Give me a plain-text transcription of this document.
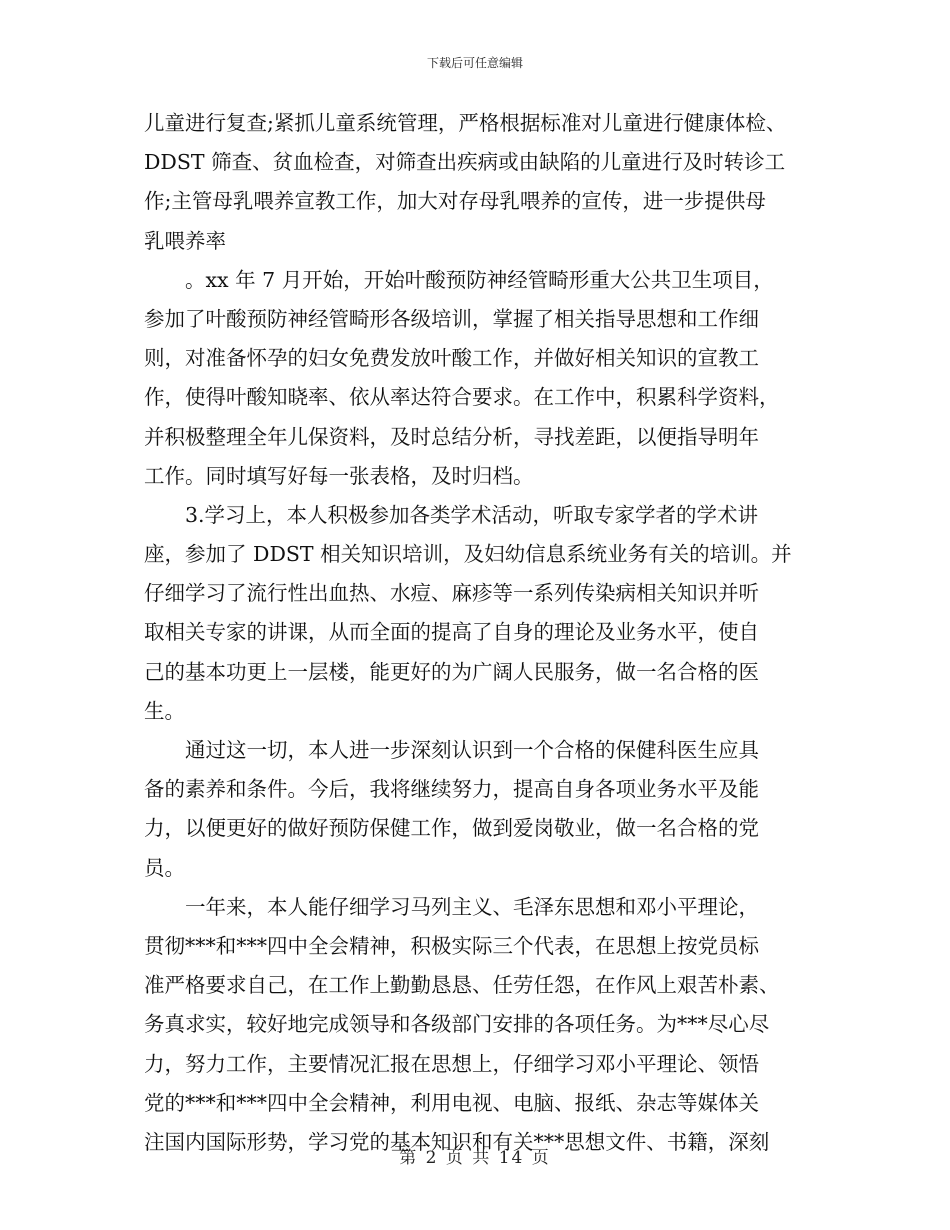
下载后可任意编辑
儿童进行复查;紧抓儿童系统管理，严格根据标准对儿童进行健康体检、
DDST 筛查、贫血检查，对筛查出疾病或由缺陷的儿童进行及时转诊工
作;主管母乳喂养宣教工作，加大对存母乳喂养的宣传，进一步提供母
乳喂养率
。xx 年 7 月开始，开始叶酸预防神经管畸形重大公共卫生项目，
参加了叶酸预防神经管畸形各级培训，掌握了相关指导思想和工作细
则，对准备怀孕的妇女免费发放叶酸工作，并做好相关知识的宣教工
作，使得叶酸知晓率、依从率达符合要求。在工作中，积累科学资料，
并积极整理全年儿保资料，及时总结分析，寻找差距，以便指导明年
工作。同时填写好每一张表格，及时归档。
3.学习上，本人积极参加各类学术活动，听取专家学者的学术讲
座，参加了 DDST 相关知识培训，及妇幼信息系统业务有关的培训。并
仔细学习了流行性出血热、水痘、麻疹等一系列传染病相关知识并听
取相关专家的讲课，从而全面的提高了自身的理论及业务水平，使自
己的基本功更上一层楼，能更好的为广阔人民服务，做一名合格的医
生。
通过这一切，本人进一步深刻认识到一个合格的保健科医生应具
备的素养和条件。今后，我将继续努力，提高自身各项业务水平及能
力，以便更好的做好预防保健工作，做到爱岗敬业，做一名合格的党
员。
一年来，本人能仔细学习马列主义、毛泽东思想和邓小平理论，
贯彻***和***四中全会精神，积极实际三个代表，在思想上按党员标
准严格要求自己，在工作上勤勤恳恳、任劳任怨，在作风上艰苦朴素、
务真求实，较好地完成领导和各级部门安排的各项任务。为***尽心尽
力，努力工作，主要情况汇报在思想上，仔细学习邓小平理论、领悟
党的***和***四中全会精神，利用电视、电脑、报纸、杂志等媒体关
注国内国际形势，学习党的基本知识和有关***思想文件、书籍，深刻
第 2 页 共 14 页
